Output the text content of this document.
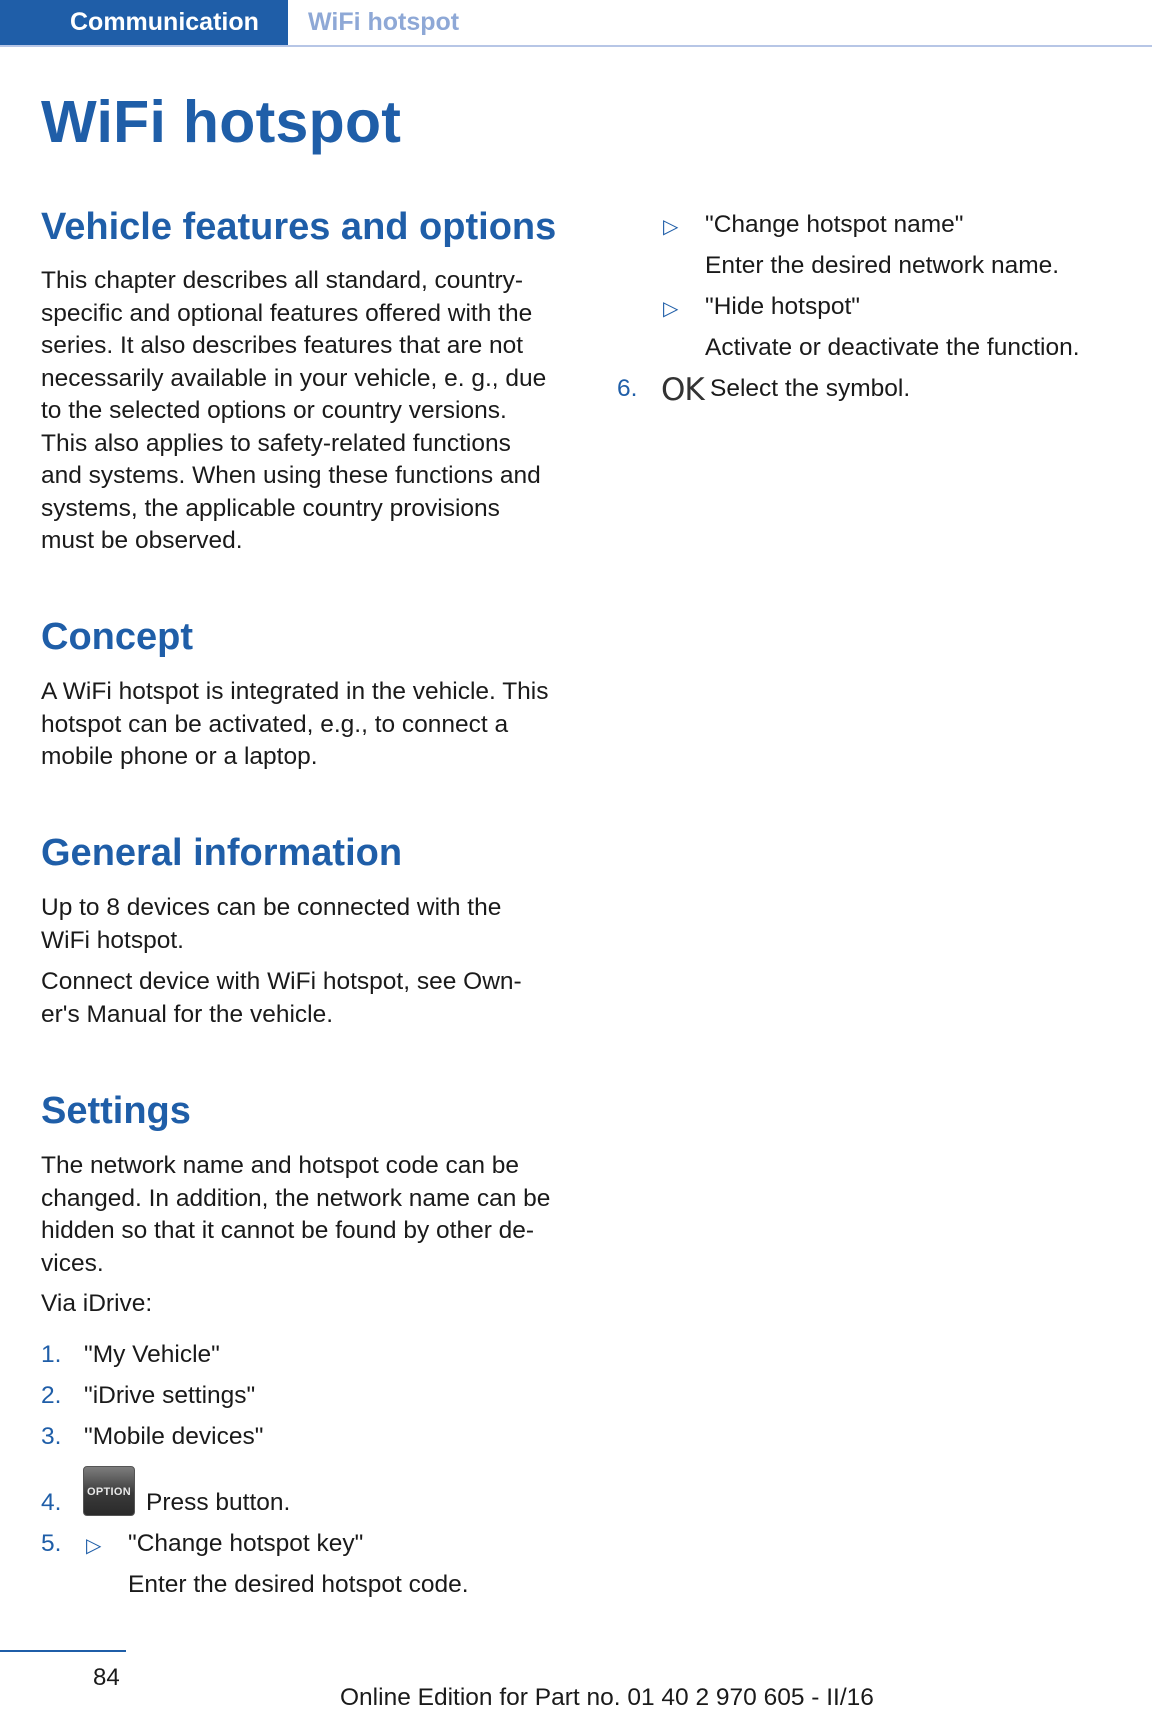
Communication	WiFi hotspot
WiFi hotspot
Vehicle features and options
This chapter describes all standard, country-
specific and optional features offered with the
series. It also describes features that are not
necessarily available in your vehicle, e. g., due
to the selected options or country versions.
This also applies to safety-related functions
and systems. When using these functions and
systems, the applicable country provisions
must be observed.
Concept
A WiFi hotspot is integrated in the vehicle. This
hotspot can be activated, e.g., to connect a
mobile phone or a laptop.
General information
Up to 8 devices can be connected with the
WiFi hotspot.
Connect device with WiFi hotspot, see Own-
er's Manual for the vehicle.
Settings
The network name and hotspot code can be
changed. In addition, the network name can be
hidden so that it cannot be found by other de-
vices.
Via iDrive:
1. "My Vehicle"
2. "iDrive settings"
3. "Mobile devices"
4.	OPTION Press button.
5. ▷ "Change hotspot key"
Enter the desired hotspot code.
▷ "Change hotspot name"
Enter the desired network name.
▷ "Hide hotspot"
Activate or deactivate the function.
6. OK Select the symbol.
84
Online Edition for Part no. 01 40 2 970 605 - II/16
